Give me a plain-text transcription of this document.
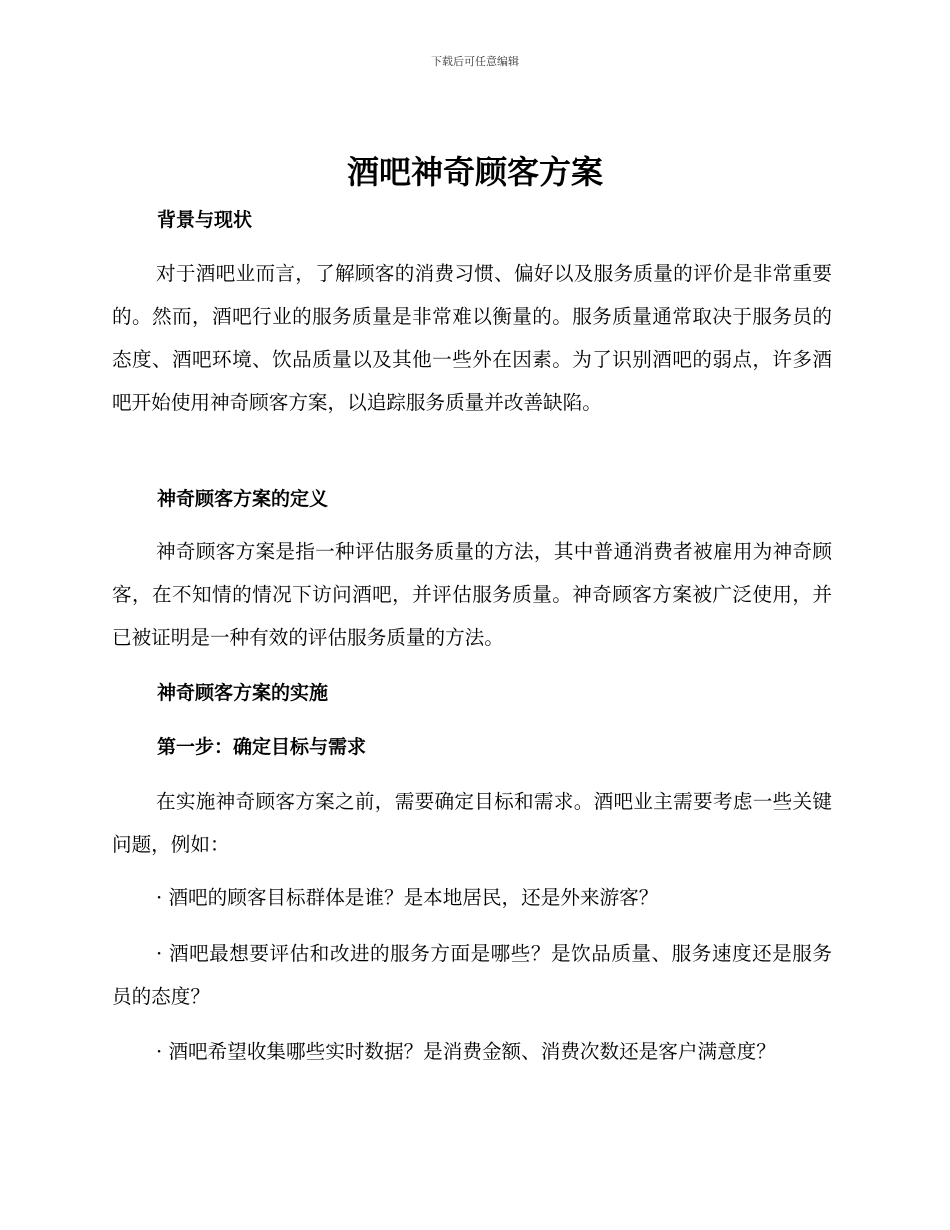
下载后可任意编辑
酒吧神奇顾客方案
背景与现状

对于酒吧业而言，了解顾客的消费习惯、偏好以及服务质量的评价是非常重要的。然而，酒吧行业的服务质量是非常难以衡量的。服务质量通常取决于服务员的态度、酒吧环境、饮品质量以及其他一些外在因素。为了识别酒吧的弱点，许多酒吧开始使用神奇顾客方案，以追踪服务质量并改善缺陷。

神奇顾客方案的定义

神奇顾客方案是指一种评估服务质量的方法，其中普通消费者被雇用为神奇顾客，在不知情的情况下访问酒吧，并评估服务质量。神奇顾客方案被广泛使用，并已被证明是一种有效的评估服务质量的方法。

神奇顾客方案的实施
第一步：确定目标与需求

在实施神奇顾客方案之前，需要确定目标和需求。酒吧业主需要考虑一些关键问题，例如：

· 酒吧的顾客目标群体是谁？是本地居民，还是外来游客？

· 酒吧最想要评估和改进的服务方面是哪些？是饮品质量、服务速度还是服务员的态度？

· 酒吧希望收集哪些实时数据？是消费金额、消费次数还是客户满意度？
